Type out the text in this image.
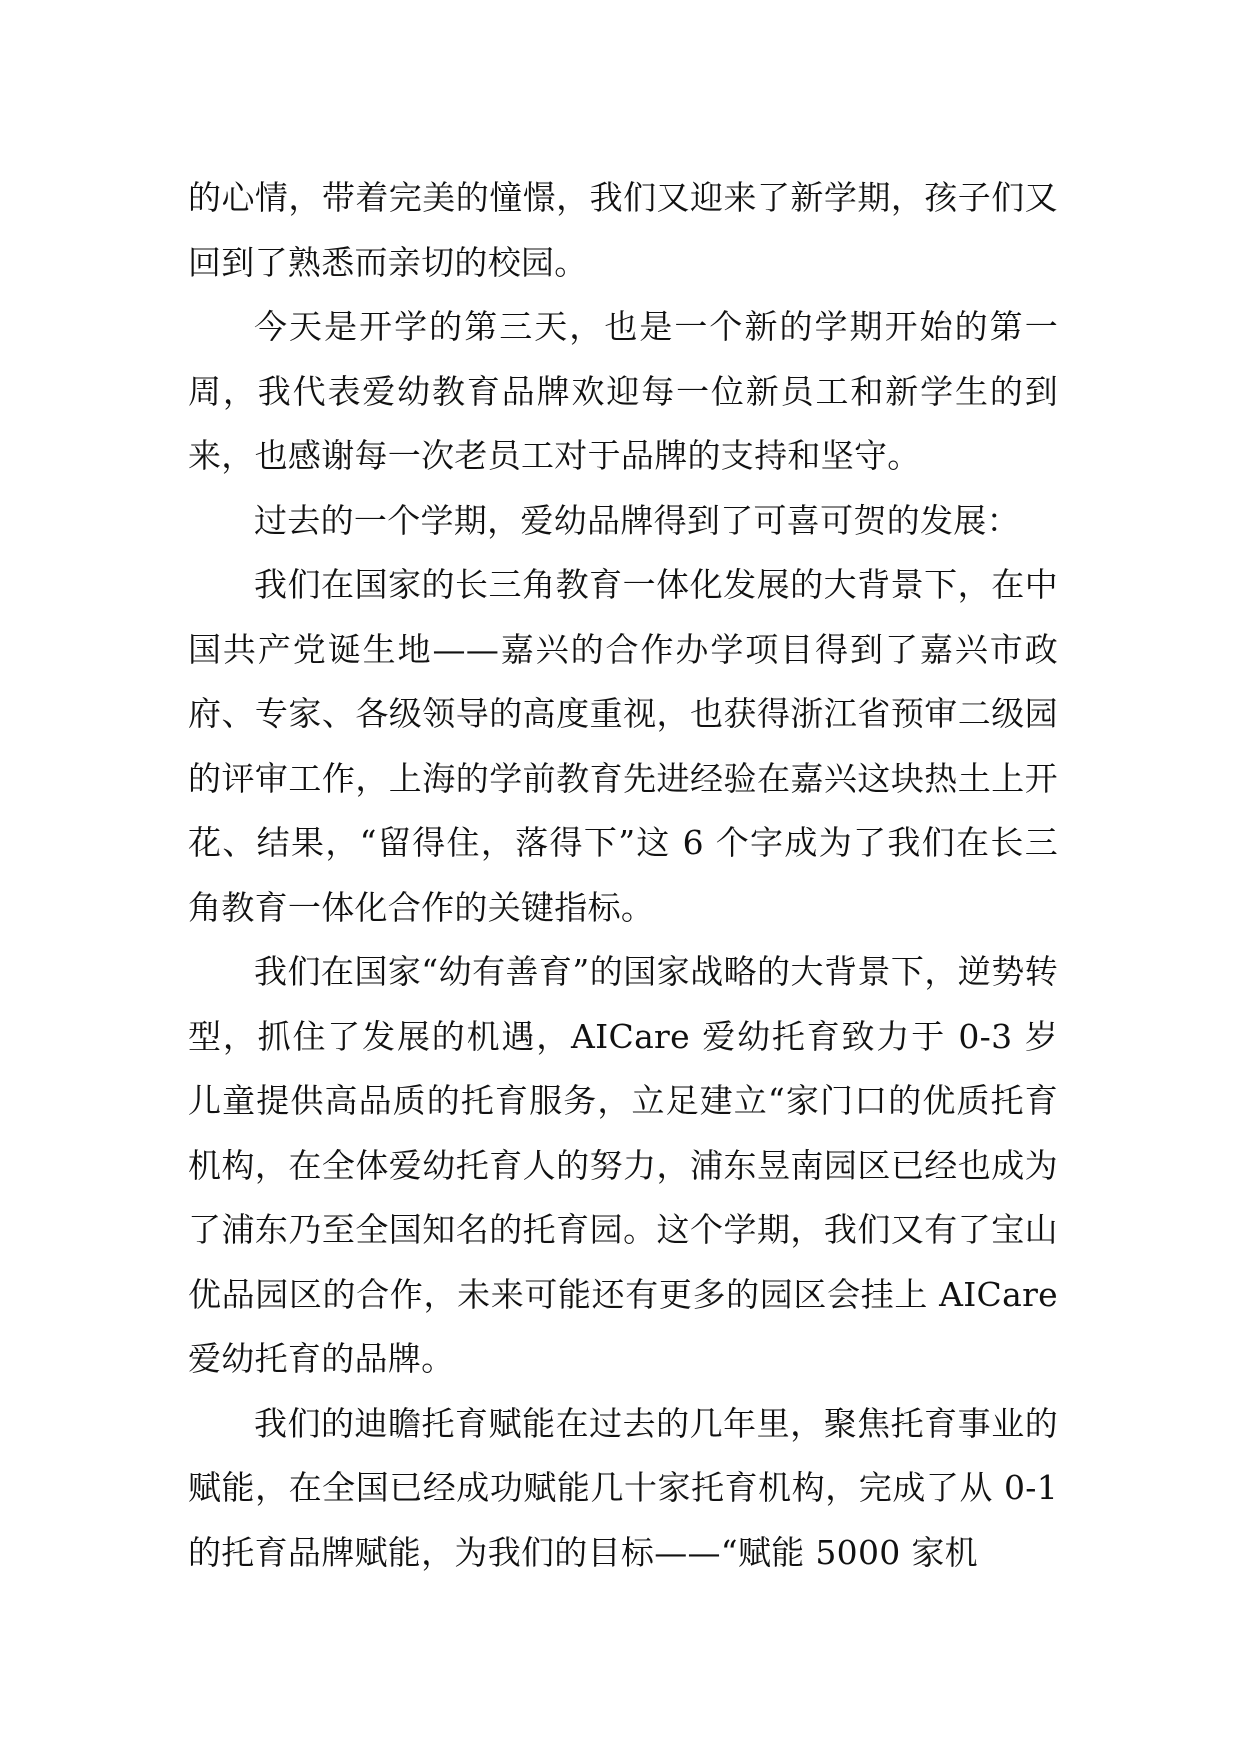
的心情，带着完美的憧憬，我们又迎来了新学期，孩子们又回到了熟悉而亲切的校园。

今天是开学的第三天，也是一个新的学期开始的第一周，我代表爱幼教育品牌欢迎每一位新员工和新学生的到来，也感谢每一次老员工对于品牌的支持和坚守。

过去的一个学期，爱幼品牌得到了可喜可贺的发展：

我们在国家的长三角教育一体化发展的大背景下，在中国共产党诞生地——嘉兴的合作办学项目得到了嘉兴市政府、专家、各级领导的高度重视，也获得浙江省预审二级园的评审工作，上海的学前教育先进经验在嘉兴这块热土上开花、结果，“留得住，落得下”这 6 个字成为了我们在长三角教育一体化合作的关键指标。

我们在国家“幼有善育”的国家战略的大背景下，逆势转型，抓住了发展的机遇，AICare 爱幼托育致力于 0-3 岁儿童提供高品质的托育服务，立足建立“家门口的优质托育机构，在全体爱幼托育人的努力，浦东昱南园区已经也成为了浦东乃至全国知名的托育园。这个学期，我们又有了宝山优品园区的合作，未来可能还有更多的园区会挂上 AICare 爱幼托育的品牌。

我们的迪瞻托育赋能在过去的几年里，聚焦托育事业的赋能，在全国已经成功赋能几十家托育机构，完成了从 0-1 的托育品牌赋能，为我们的目标——“赋能 5000 家机
